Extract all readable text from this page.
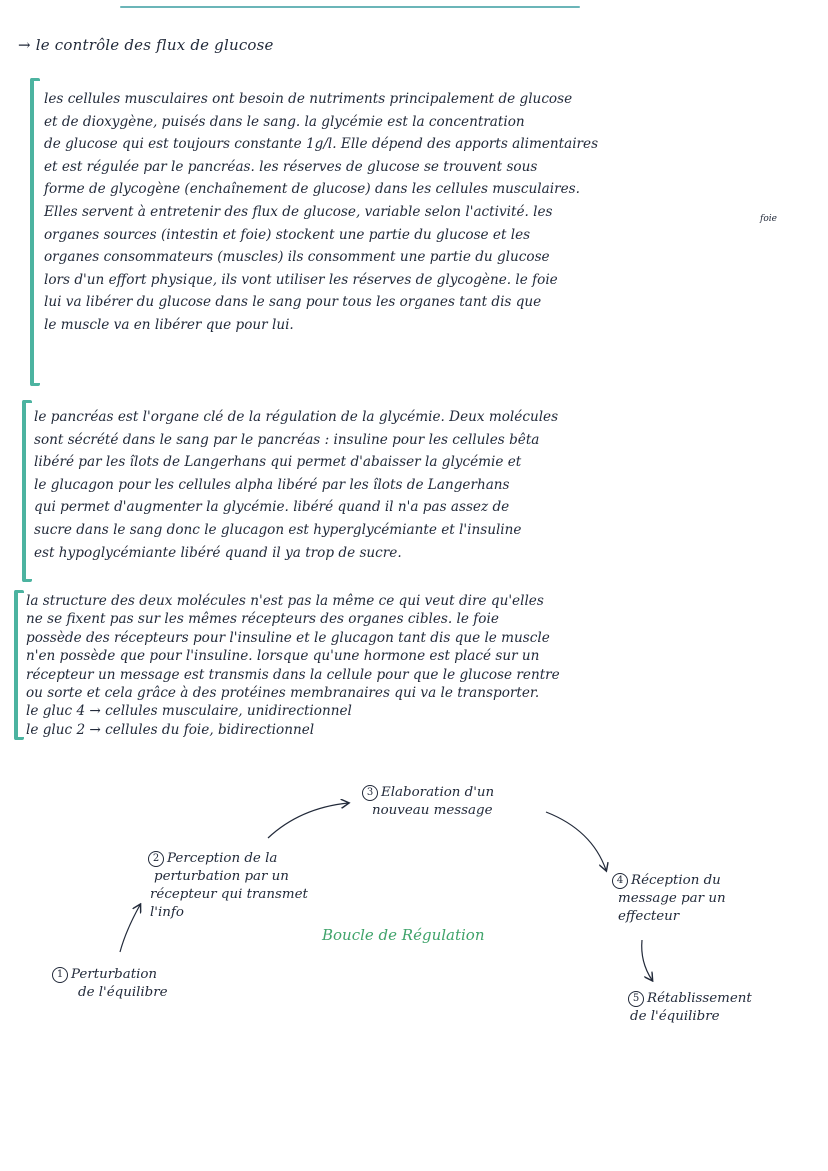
→ le contrôle des flux de glucose
les cellules musculaires ont besoin de nutriments principalement de glucose
et de dioxygène, puisés dans le sang. la glycémie est la concentration
de glucose qui est toujours constante 1g/l. Elle dépend des apports alimentaires
et est régulée par le pancréas. les réserves de glucose se trouvent sous
forme de glycogène (enchaînement de glucose) dans les cellules musculaires.
Elles servent à entretenir des flux de glucose, variable selon l'activité. les
organes sources (intestin et foie) stockent une partie du glucose et les
organes consommateurs (muscles) ils consomment une partie du glucose
lors d'un effort physique, ils vont utiliser les réserves de glycogène. le foie
lui va libérer du glucose dans le sang pour tous les organes tant dis que
le muscle va en libérer que pour lui.
foie
le pancréas est l'organe clé de la régulation de la glycémie. Deux molécules
sont sécrété dans le sang par le pancréas : insuline pour les cellules bêta
libéré par les îlots de Langerhans qui permet d'abaisser la glycémie et
le glucagon pour les cellules alpha libéré par les îlots de Langerhans
qui permet d'augmenter la glycémie. libéré quand il n'a pas assez de
sucre dans le sang donc le glucagon est hyperglycémiante et l'insuline
est hypoglycémiante libéré quand il ya trop de sucre.
la structure des deux molécules n'est pas la même ce qui veut dire qu'elles
ne se fixent pas sur les mêmes récepteurs des organes cibles. le foie
possède des récepteurs pour l'insuline et le glucagon tant dis que le muscle
n'en possède que pour l'insuline. lorsque qu'une hormone est placé sur un
récepteur un message est transmis dans la cellule pour que le glucose rentre
ou sorte et cela grâce à des protéines membranaires qui va le transporter.
le gluc 4 → cellules musculaire, unidirectionnel
le gluc 2 → cellules du foie, bidirectionnel
3 Elaboration d'un
nouveau message
2 Perception de la
perturbation par un
récepteur qui transmet
l'info
4 Réception du
message par un
effecteur
Boucle de Régulation
1 Perturbation
de l'équilibre	5 Rétablissement
de l'équilibre
